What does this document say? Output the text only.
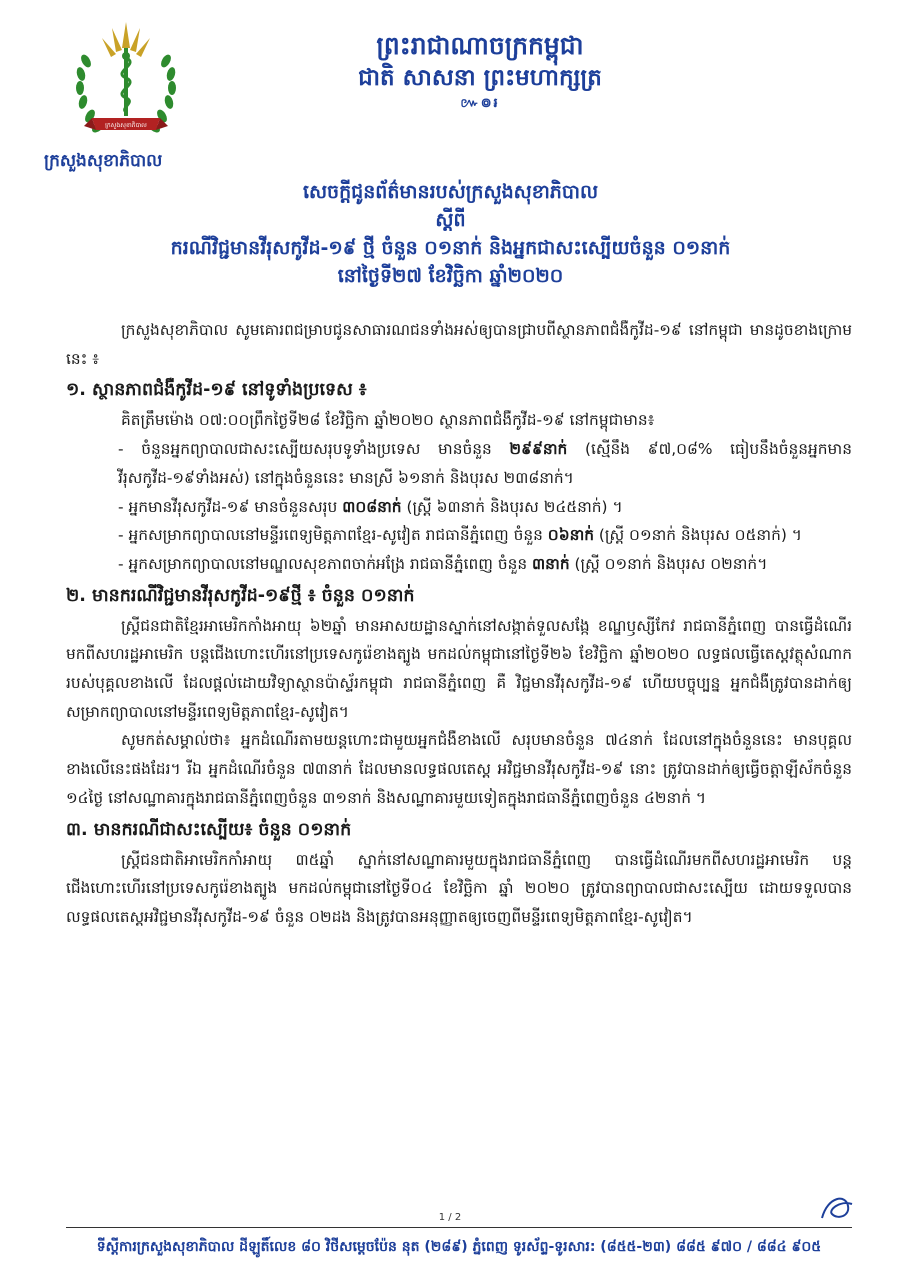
ក្រសួងសុខាភិបាល
ក្រសួងសុខាភិបាល
ព្រះរាជាណាចក្រកម្ពុជា
ជាតិ សាសនា ព្រះមហាក្សត្រ
៚៙៛
សេចក្ដីជូនព័ត៌មានរបស់ក្រសួងសុខាភិបាល
ស្ដីពី
ករណីវិជ្ជមានវីរុសកូវីដ-១៩ ថ្មី ចំនួន ០១នាក់ និងអ្នកជាសះស្បើយចំនួន ០១នាក់
នៅថ្ងៃទី២៧ ខែវិច្ឆិកា ឆ្នាំ២០២០

ក្រសួងសុខាភិបាល សូមគោរពជម្រាបជូនសាធារណជនទាំងអស់ឲ្យបានជ្រាបពីស្ថានភាពជំងឺកូវីដ-១៩ នៅកម្ពុជា មានដូចខាងក្រោមនេះ ៖

១. ស្ថានភាពជំងឺកូវីដ-១៩ នៅទូទាំងប្រទេស ៖

គិតត្រឹមម៉ោង ០៧:០០ព្រឹកថ្ងៃទី២៨ ខែវិច្ឆិកា ឆ្នាំ២០២០ ស្ថានភាពជំងឺកូវីដ-១៩ នៅកម្ពុជាមាន៖

- ចំនួនអ្នកព្យាបាលជាសះស្បើយសរុបទូទាំងប្រទេស មានចំនួន ២៩៩នាក់ (ស្មើនឹង ៩៧,០៨% ធៀបនឹងចំនួនអ្នកមានវីរុសកូវីដ-១៩ទាំងអស់) នៅក្នុងចំនួននេះ មានស្រី ៦១នាក់ និងបុរស ២៣៨នាក់។

- អ្នកមានវីរុសកូវីដ-១៩ មានចំនួនសរុប ៣០៨នាក់ (ស្ត្រី ៦៣នាក់ និងបុរស ២៤៥នាក់) ។

- អ្នកសម្រាកព្យាបាលនៅមន្ទីរពេទ្យមិត្តភាពខ្មែរ-សូវៀត រាជធានីភ្នំពេញ ចំនួន ០៦នាក់ (ស្ត្រី ០១នាក់ និងបុរស ០៥នាក់) ។

- អ្នកសម្រាកព្យាបាលនៅមណ្ឌលសុខភាពចាក់អង្រែ រាជធានីភ្នំពេញ ចំនួន ៣នាក់ (ស្ត្រី ០១នាក់ និងបុរស ០២នាក់។

២. មានករណីវិជ្ជមានវីរុសកូវីដ-១៩ថ្មី ៖ ចំនួន ០១នាក់

ស្ត្រីជនជាតិខ្មែរអាមេរិកកាំងអាយុ ៦២ឆ្នាំ មានអាសយដ្ឋានស្នាក់នៅសង្កាត់ទួលសង្កែ ខណ្ឌឫស្សីកែវ រាជធានីភ្នំពេញ បានធ្វើដំណើរមកពីសហរដ្ឋអាមេរិក បន្តជើងហោះហើរនៅប្រទេសកូរ៉េខាងត្បូង មកដល់កម្ពុជានៅថ្ងៃទី២៦ ខែវិច្ឆិកា ឆ្នាំ២០២០ លទ្ធផលធ្វើតេស្តវត្ថុសំណាករបស់បុគ្គលខាងលើ ដែលផ្តល់ដោយវិទ្យាស្ថានប៉ាស្ទ័រកម្ពុជា រាជធានីភ្នំពេញ គឺ វិជ្ជមានវីរុសកូវីដ-១៩ ហើយបច្ចុប្បន្ន អ្នកជំងឺត្រូវបានដាក់ឲ្យសម្រាកព្យាបាលនៅមន្ទីរពេទ្យមិត្តភាពខ្មែរ-សូវៀត។

សូមកត់សម្គាល់ថា៖ អ្នកដំណើរតាមយន្តហោះជាមួយអ្នកជំងឺខាងលើ សរុបមានចំនួន ៧៤នាក់ ដែលនៅក្នុងចំនួននេះ មានបុគ្គលខាងលើនេះផងដែរ។ រីឯ អ្នកដំណើរចំនួន ៧៣នាក់ ដែលមានលទ្ធផលតេស្ត អវិជ្ជមានវីរុសកូវីដ-១៩ នោះ ត្រូវបានដាក់ឲ្យធ្វើចត្តាឡីស័កចំនួន ១៤ថ្ងៃ នៅសណ្ឋាគារក្នុងរាជធានីភ្នំពេញចំនួន ៣១នាក់ និងសណ្ឋាគារមួយទៀតក្នុងរាជធានីភ្នំពេញចំនួន ៤២នាក់ ។

៣. មានករណីជាសះស្បើយ៖ ចំនួន ០១នាក់

ស្ត្រីជនជាតិអាមេរិកកាំអាយុ ៣៥ឆ្នាំ ស្នាក់នៅសណ្ឋាគារមួយក្នុងរាជធានីភ្នំពេញ បានធ្វើដំណើរមកពីសហរដ្ឋអាមេរិក បន្តជើងហោះហើរនៅប្រទេសកូរ៉េខាងត្បូង មកដល់កម្ពុជានៅថ្ងៃទី០៤ ខែវិច្ឆិកា ឆ្នាំ ២០២០ ត្រូវបានព្យាបាលជាសះស្បើយ ដោយទទួលបានលទ្ធផលតេស្តអវិជ្ជមានវីរុសកូវីដ-១៩ ចំនួន ០២ដង និងត្រូវបានអនុញ្ញាតឲ្យចេញពីមន្ទីរពេទ្យមិត្តភាពខ្មែរ-សូវៀត។

1 / 2
ទីស្ដីការក្រសួងសុខាភិបាល ដីឡូតិ៍លេខ ៨០ វិថីសម្ដេចប៉ែន នុត (២៨៩) ភ្នំពេញ ទូរស័ព្ទ-ទូរសារ: (៨៥៥-២៣) ៨៨៥ ៩៧០ / ៨៨៤ ៩០៥
